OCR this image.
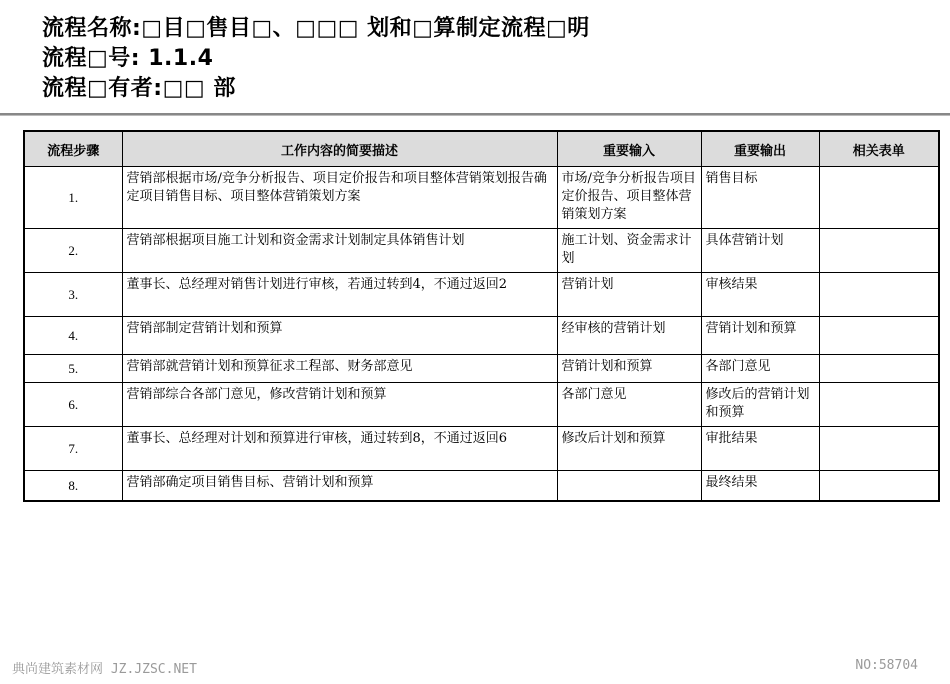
流程名称:□目□售目□、□□□ 划和□算制定流程□明
流程□号: 1.1.4
流程□有者:□□ 部
流程步骤	工作内容的简要描述	重要输入	重要输出	相关表单
1.	营销部根据市场/竞争分析报告、项目定价报告和项目整体营销策划报告确定项目销售目标、项目整体营销策划方案	市场/竞争分析报告项目定价报告、项目整体营销策划方案	销售目标	
2.	营销部根据项目施工计划和资金需求计划制定具体销售计划	施工计划、资金需求计划	具体营销计划	
3.	董事长、总经理对销售计划进行审核，若通过转到4，不通过返回2	营销计划	审核结果	
4.	营销部制定营销计划和预算	经审核的营销计划	营销计划和预算	
5.	营销部就营销计划和预算征求工程部、财务部意见	营销计划和预算	各部门意见	
6.	营销部综合各部门意见，修改营销计划和预算	各部门意见	修改后的营销计划和预算	
7.	董事长、总经理对计划和预算进行审核，通过转到8，不通过返回6	修改后计划和预算	审批结果	
8.	营销部确定项目销售目标、营销计划和预算		最终结果	
典尚建筑素材网 JZ.JZSC.NET	NO:58704
